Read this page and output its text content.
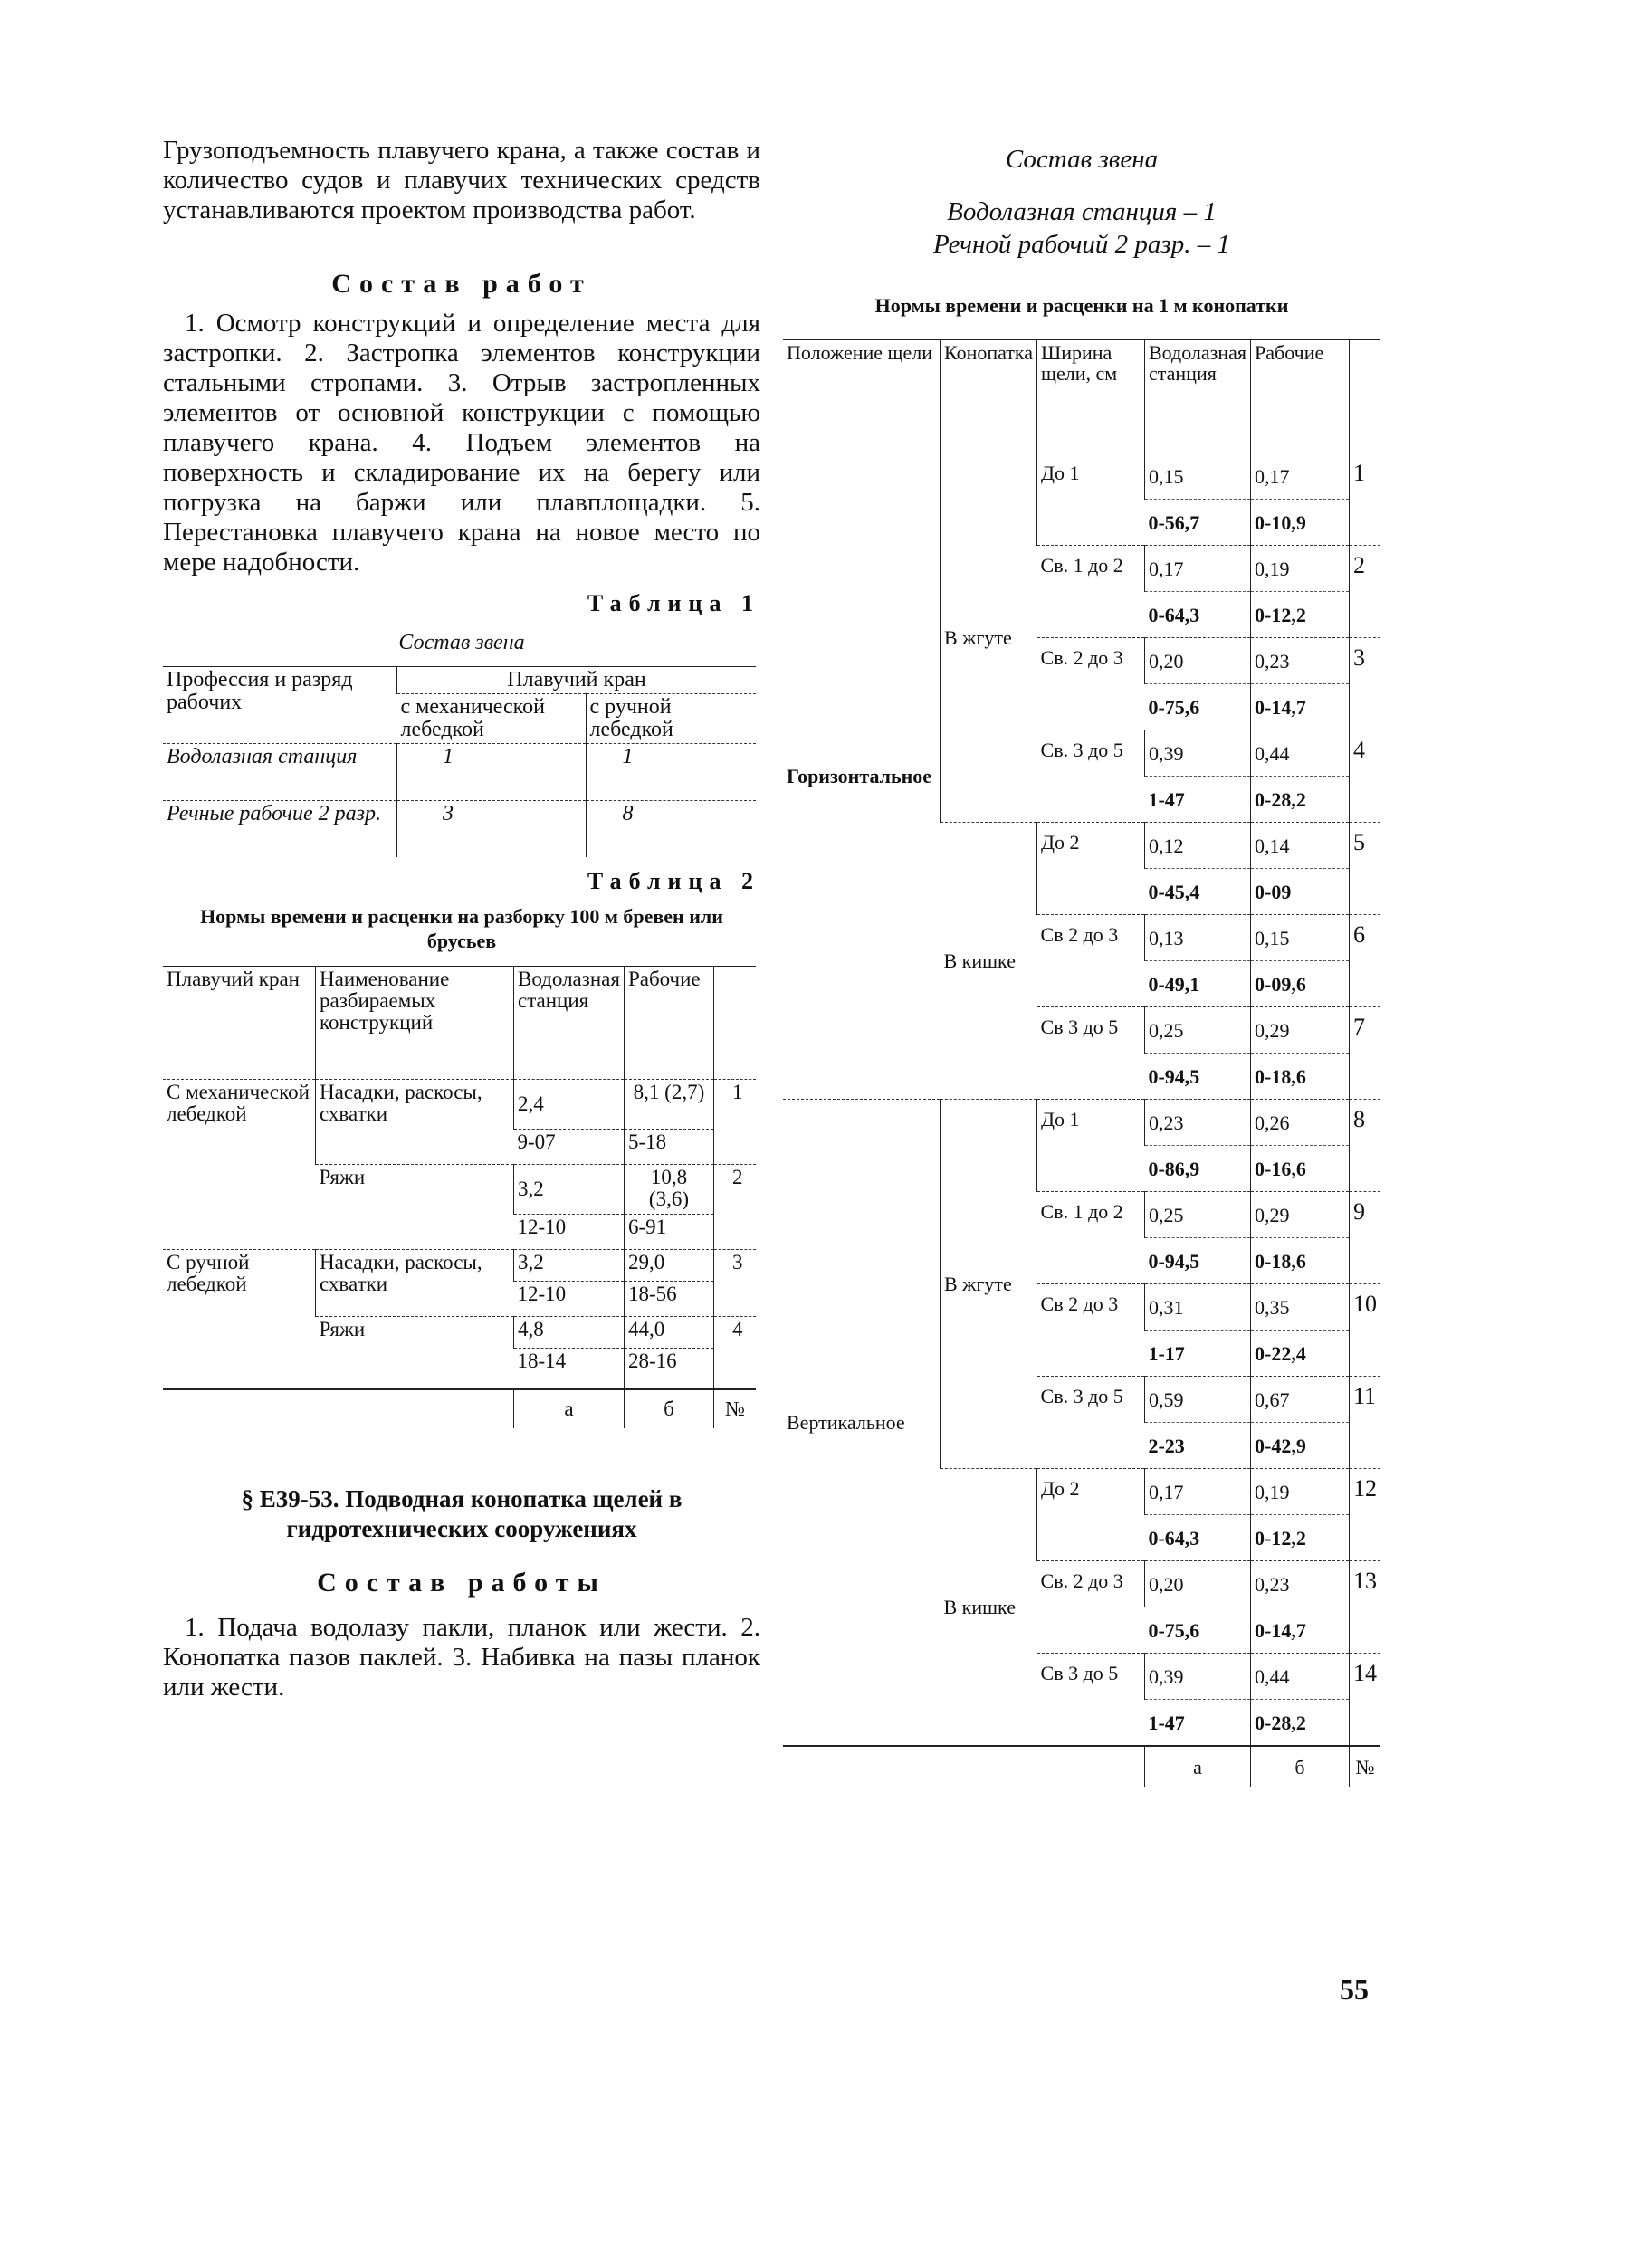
Грузоподъемность плавучего крана, а также состав и количество судов и плавучих технических средств устанавливаются проектом производства работ.

Состав работ

1. Осмотр конструкций и определение места для застропки. 2. Застропка элементов конструкции стальными стропами. 3. Отрыв застропленных элементов от основной конструкции с помощью плавучего крана. 4. Подъем элементов на поверхность и складирование их на берегу или погрузка на баржи или плавплощадки. 5. Перестановка плавучего крана на новое место по мере надобности.

Таблица 1
Состав звена
Профессия и разряд рабочих	Плавучий кран	
	с механической лебедкой	с ручной лебедкой
Водолазная станция	1	1
Речные рабочие 2 разр.	3	8
Таблица 2
Нормы времени и расценки на разборку 100 м бревен или брусьев
Плавучий кран	Наименование разбираемых конструкций	Водолазная станция	Рабочие	
С механической лебедкой	Насадки, раскосы, схватки	2,4	8,1 (2,7)	1
		9-07	5-18	
	Ряжи	3,2	10,8 (3,6)	2
		12-10	6-91	
С ручной лебедкой	Насадки, раскосы, схватки	3,2	29,0	3
		12-10	18-56	
	Ряжи	4,8	44,0	4
		18-14	28-16	
		а	б	№
§ Е39-53. Подводная конопатка щелей в гидротехнических сооружениях

Состав работы

1. Подача водолазу пакли, планок или жести. 2. Конопатка пазов паклей. 3. Набивка на пазы планок или жести.

Состав звена
Водолазная станция – 1
Речной рабочий 2 разр. – 1
Нормы времени и расценки на 1 м конопатки
Положение щели	Конопатка	Ширина щели, см	Водолазная станция	Рабочие	
Горизонтальное	В жгуте	До 1	0,15	0,17	1
			0-56,7	0-10,9	
		Св. 1 до 2	0,17	0,19	2
			0-64,3	0-12,2	
		Св. 2 до 3	0,20	0,23	3
			0-75,6	0-14,7	
		Св. 3 до 5	0,39	0,44	4
			1-47	0-28,2	
	В кишке	До 2	0,12	0,14	5
			0-45,4	0-09	
		Св 2 до 3	0,13	0,15	6
			0-49,1	0-09,6	
		Св 3 до 5	0,25	0,29	7
			0-94,5	0-18,6	
Вертикальное	В жгуте	До 1	0,23	0,26	8
			0-86,9	0-16,6	
		Св. 1 до 2	0,25	0,29	9
			0-94,5	0-18,6	
		Св 2 до 3	0,31	0,35	10
			1-17	0-22,4	
		Св. 3 до 5	0,59	0,67	11
			2-23	0-42,9	
	В кишке	До 2	0,17	0,19	12
			0-64,3	0-12,2	
		Св. 2 до 3	0,20	0,23	13
			0-75,6	0-14,7	
		Св 3 до 5	0,39	0,44	14
			1-47	0-28,2	
			а	б	№
55
